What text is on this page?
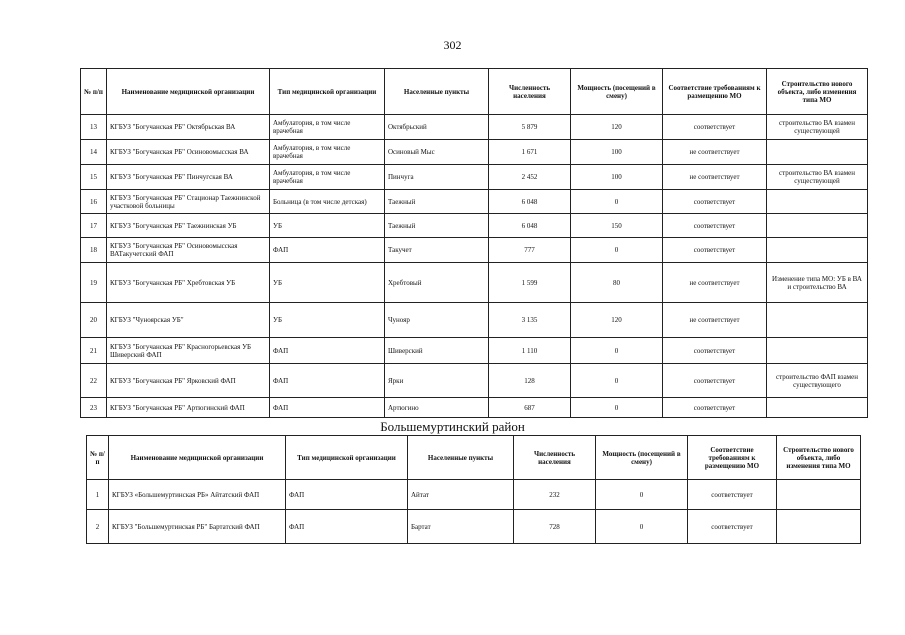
302
№ п/п	Наименование медицинской организации	Тип медицинской организации	Населенные пункты	Численность населения	Мощность (посещений в смену)	Соответствие требованиям к размещению МО	Строительство нового объекта, либо изменения типа МО
13	КГБУЗ "Богучанская РБ" Октябрьская ВА	Амбулатория, в том числе врачебная	Октябрьский	5 879	120	соответствует	строительство ВА взамен существующей
14	КГБУЗ "Богучанская РБ" Осиновомысская ВА	Амбулатория, в том числе врачебная	Осиновый Мыс	1 671	100	не соответствует	
15	КГБУЗ "Богучанская РБ" Пинчугская ВА	Амбулатория, в том числе врачебная	Пинчуга	2 452	100	не соответствует	строительство ВА взамен существующей
16	КГБУЗ "Богучанская РБ" Стационар Таежнинской участковой больницы	Больница (в том числе детская)	Таежный	6 048	0	соответствует	
17	КГБУЗ "Богучанская РБ" Таежнинская УБ	УБ	Таежный	6 048	150	соответствует	
18	КГБУЗ "Богучанская РБ" Осиновомысская ВАТакучетский ФАП	ФАП	Такучет	777	0	соответствует	
19	КГБУЗ "Богучанская РБ" Хребтовская УБ	УБ	Хребтовый	1 599	80	не соответствует	Изменение типа МО: УБ в ВА и строительство ВА
20	КГБУЗ "Чуноярская УБ"	УБ	Чунояр	3 135	120	не соответствует	
21	КГБУЗ "Богучанская РБ" Красногорьевская УБ Шиверский ФАП	ФАП	Шиверский	1 110	0	соответствует	
22	КГБУЗ "Богучанская РБ" Ярковский ФАП	ФАП	Ярки	128	0	соответствует	строительство ФАП взамен существующего
23	КГБУЗ "Богучанская РБ" Артюгинский ФАП	ФАП	Артюгино	687	0	соответствует	
Большемуртинский район
№ п/п	Наименование медицинской организации	Тип медицинской организации	Населенные пункты	Численность населения	Мощность (посещений в смену)	Соответствие требованиям к размещению МО	Строительство нового объекта, либо изменения типа МО
1	КГБУЗ «Большемуртинская РБ» Айтатский ФАП	ФАП	Айтат	232	0	соответствует	
2	КГБУЗ "Большемуртинская РБ" Бартатский ФАП	ФАП	Бартат	728	0	соответствует	
